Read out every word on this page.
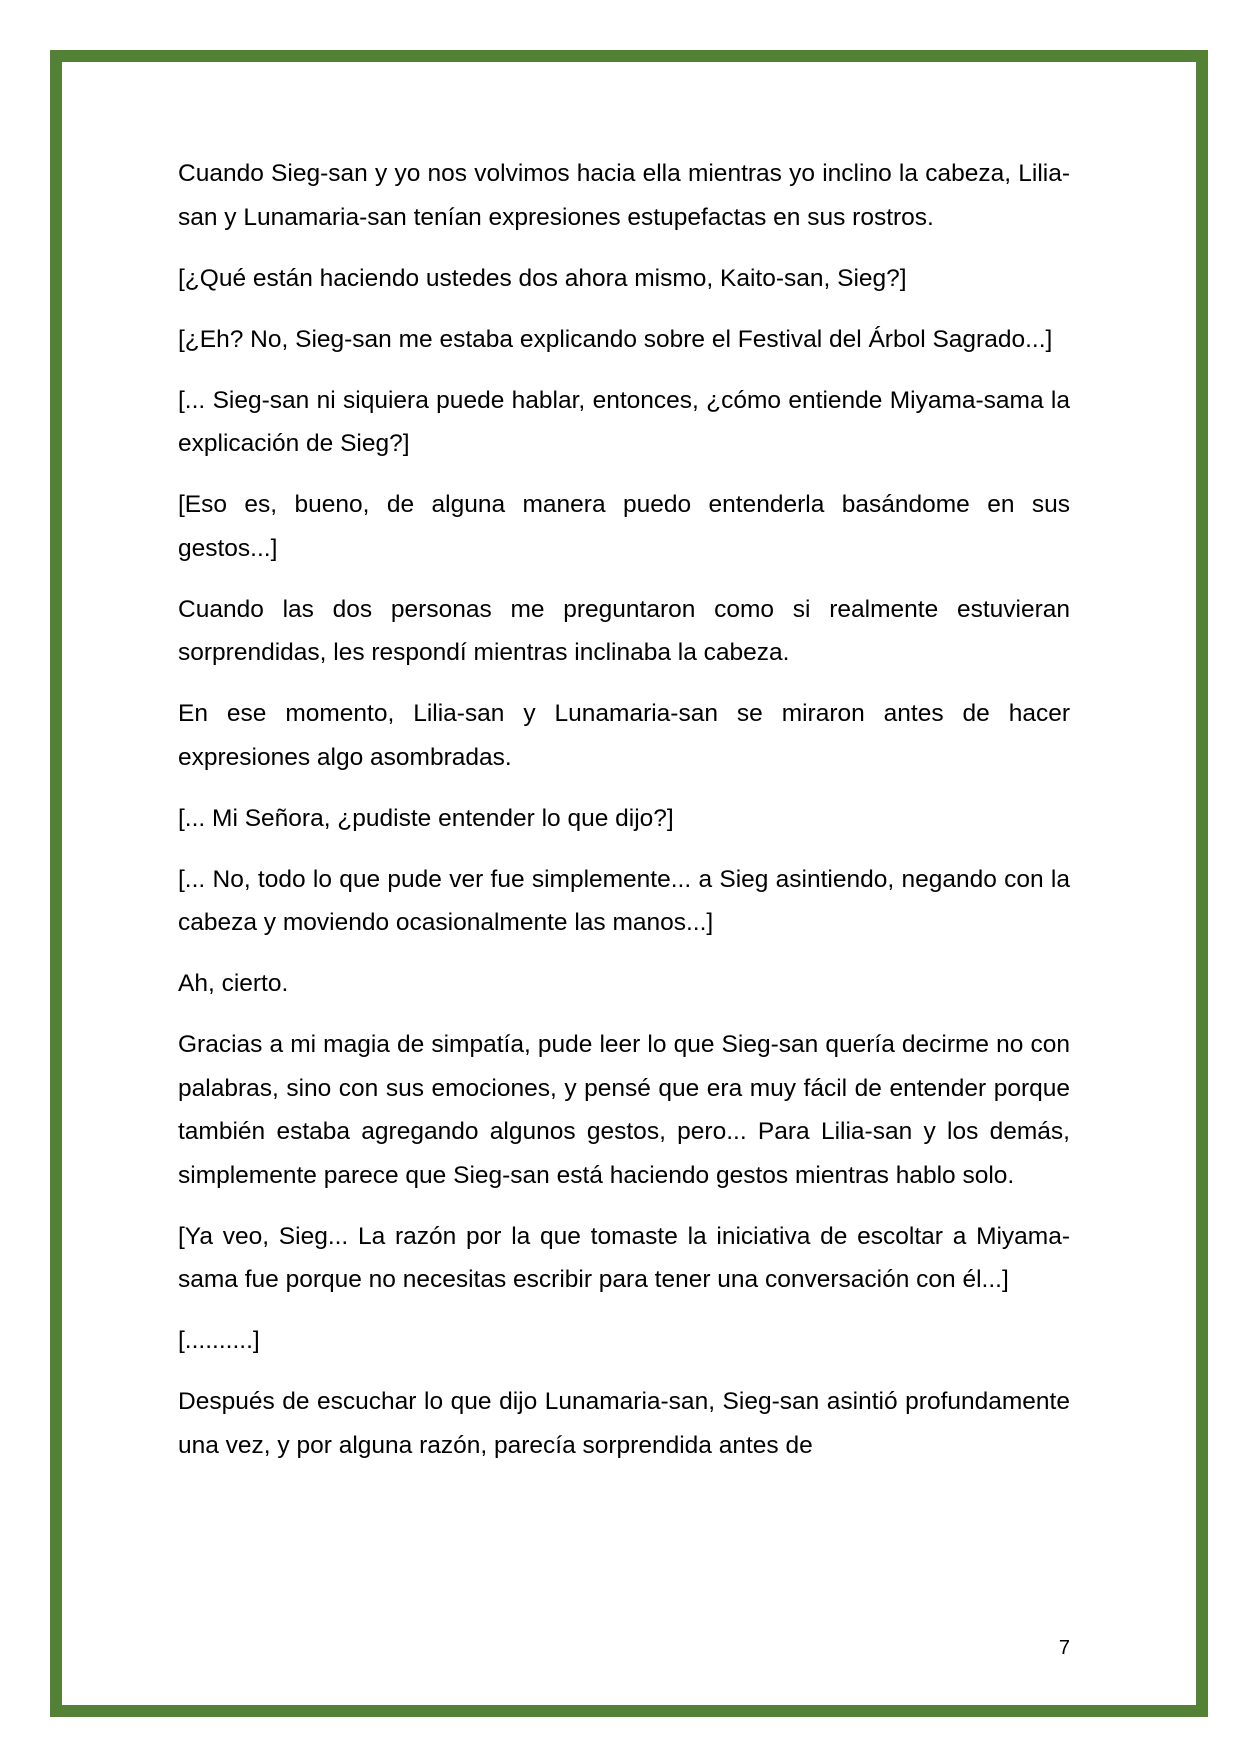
Cuando Sieg-san y yo nos volvimos hacia ella mientras yo inclino la cabeza, Lilia-san y Lunamaria-san tenían expresiones estupefactas en sus rostros.

[¿Qué están haciendo ustedes dos ahora mismo, Kaito-san, Sieg?]

[¿Eh? No, Sieg-san me estaba explicando sobre el Festival del Árbol Sagrado...]

[... Sieg-san ni siquiera puede hablar, entonces, ¿cómo entiende Miyama-sama la explicación de Sieg?]

[Eso es, bueno, de alguna manera puedo entenderla basándome en sus gestos...]

Cuando las dos personas me preguntaron como si realmente estuvieran sorprendidas, les respondí mientras inclinaba la cabeza.

En ese momento, Lilia-san y Lunamaria-san se miraron antes de hacer expresiones algo asombradas.

[... Mi Señora, ¿pudiste entender lo que dijo?]

[... No, todo lo que pude ver fue simplemente... a Sieg asintiendo, negando con la cabeza y moviendo ocasionalmente las manos...]

Ah, cierto.

Gracias a mi magia de simpatía, pude leer lo que Sieg-san quería decirme no con palabras, sino con sus emociones, y pensé que era muy fácil de entender porque también estaba agregando algunos gestos, pero... Para Lilia-san y los demás, simplemente parece que Sieg-san está haciendo gestos mientras hablo solo.

[Ya veo, Sieg... La razón por la que tomaste la iniciativa de escoltar a Miyama-sama fue porque no necesitas escribir para tener una conversación con él...]

[..........]

Después de escuchar lo que dijo Lunamaria-san, Sieg-san asintió profundamente una vez, y por alguna razón, parecía sorprendida antes de

7
